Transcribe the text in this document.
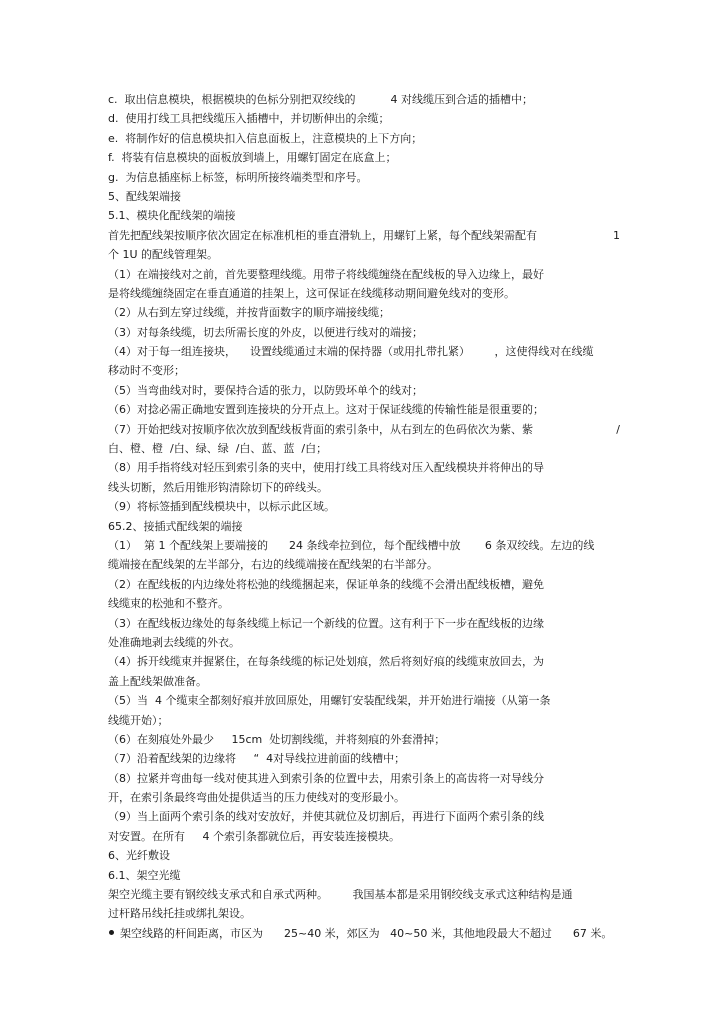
c.  取出信息模块，根据模块的色标分别把双绞线的          4 对线缆压到合适的插槽中；
d.  使用打线工具把线缆压入插槽中，并切断伸出的余缆；
e.  将制作好的信息模块扣入信息面板上，注意模块的上下方向；
f.  将装有信息模块的面板放到墙上，用螺钉固定在底盒上；
g.  为信息插座标上标签，标明所接终端类型和序号。
5、配线架端接
5.1、模块化配线架的端接
首先把配线架按顺序依次固定在标准机柜的垂直滑轨上，用螺钉上紧，每个配线架需配有	1
个 1U 的配线管理架。
（1）在端接线对之前，首先要整理线缆。用带子将线缆缠绕在配线板的导入边缘上，最好
是将线缆缠绕固定在垂直通道的挂架上，这可保证在线缆移动期间避免线对的变形。
（2）从右到左穿过线缆，并按背面数字的顺序端接线缆；
（3）对每条线缆，切去所需长度的外皮，以便进行线对的端接；
（4）对于每一组连接块，    设置线缆通过末端的保持器（或用扎带扎紧）       ，这使得线对在线缆
移动时不变形；
（5）当弯曲线对时，要保持合适的张力，以防毁坏单个的线对；
（6）对捻必需正确地安置到连接块的分开点上。这对于保证线缆的传输性能是很重要的；
（7）开始把线对按顺序依次放到配线板背面的索引条中，从右到左的色码依次为紫、紫	/
白、橙、橙  /白、绿、绿  /白、蓝、蓝  /白；
（8）用手指将线对轻压到索引条的夹中，使用打线工具将线对压入配线模块并将伸出的导
线头切断，然后用锥形钩清除切下的碎线头。
（9）将标签插到配线模块中，以标示此区域。
65.2、接插式配线架的端接
（1）  第 1 个配线架上要端接的      24 条线牵拉到位，每个配线槽中放       6 条双绞线。左边的线
缆端接在配线架的左半部分，右边的线缆端接在配线架的右半部分。
（2）在配线板的内边缘处将松弛的线缆捆起来，保证单条的线缆不会滑出配线板槽，避免
线缆束的松弛和不整齐。
（3）在配线板边缘处的每条线缆上标记一个新线的位置。这有利于下一步在配线板的边缘
处准确地剥去线缆的外衣。
（4）拆开线缆束并握紧住，在每条线缆的标记处划痕，然后将刻好痕的线缆束放回去，为
盖上配线架做准备。
（5）当  4 个缆束全都刻好痕并放回原处，用螺钉安装配线架，并开始进行端接（从第一条
线缆开始）；
（6）在刻痕处外最少     15cm  处切割线缆，并将刻痕的外套滑掉；
（7）沿着配线架的边缘将     “  4对导线拉进前面的线槽中；
（8）拉紧并弯曲每一线对使其进入到索引条的位置中去，用索引条上的高齿将一对导线分
开，在索引条最终弯曲处提供适当的压力使线对的变形最小。
（9）当上面两个索引条的线对安放好，并使其就位及切割后，再进行下面两个索引条的线
对安置。在所有     4 个索引条都就位后，再安装连接模块。
6、光纤敷设
6.1、架空光缆
架空光缆主要有钢绞线支承式和自承式两种。       我国基本都是采用钢绞线支承式这种结构是通
过杆路吊线托挂或绑扎架设。
架空线路的杆间距离，市区为      25~40 米，郊区为   40~50 米，其他地段最大不超过      67 米。
